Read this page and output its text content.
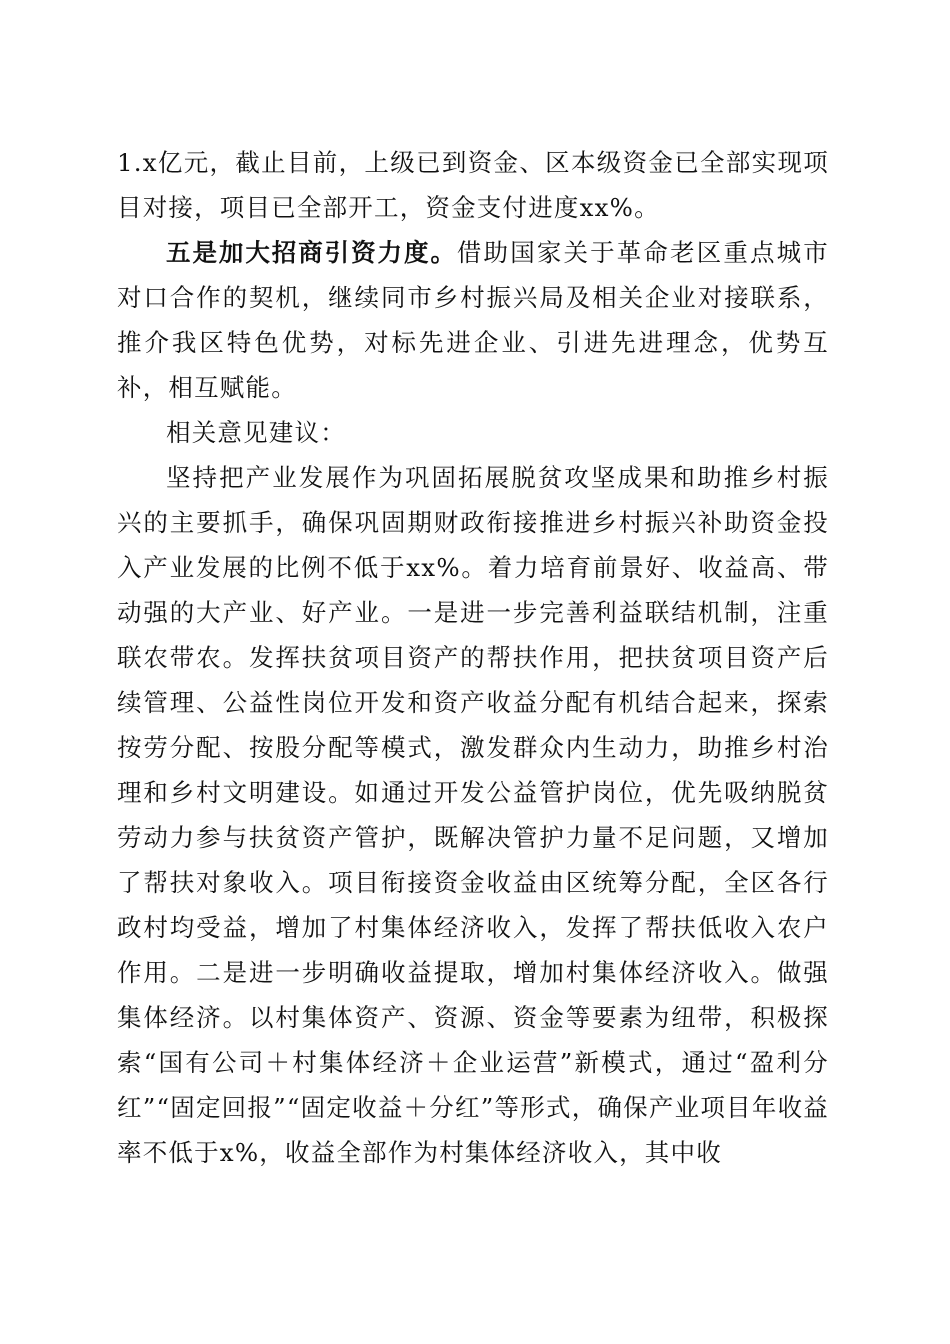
1.x亿元，截止目前，上级已到资金、区本级资金已全部实现项目对接，项目已全部开工，资金支付进度xx%。

五是加大招商引资力度。借助国家关于革命老区重点城市对口合作的契机，继续同市乡村振兴局及相关企业对接联系，推介我区特色优势，对标先进企业、引进先进理念，优势互补，相互赋能。

相关意见建议：

坚持把产业发展作为巩固拓展脱贫攻坚成果和助推乡村振兴的主要抓手，确保巩固期财政衔接推进乡村振兴补助资金投入产业发展的比例不低于xx%。着力培育前景好、收益高、带动强的大产业、好产业。一是进一步完善利益联结机制，注重联农带农。发挥扶贫项目资产的帮扶作用，把扶贫项目资产后续管理、公益性岗位开发和资产收益分配有机结合起来，探索按劳分配、按股分配等模式，激发群众内生动力，助推乡村治理和乡村文明建设。如通过开发公益管护岗位，优先吸纳脱贫劳动力参与扶贫资产管护，既解决管护力量不足问题，又增加了帮扶对象收入。项目衔接资金收益由区统筹分配，全区各行政村均受益，增加了村集体经济收入，发挥了帮扶低收入农户作用。二是进一步明确收益提取，增加村集体经济收入。做强集体经济。以村集体资产、资源、资金等要素为纽带，积极探索“国有公司＋村集体经济＋企业运营”新模式，通过“盈利分红”“固定回报”“固定收益＋分红”等形式，确保产业项目年收益率不低于x%，收益全部作为村集体经济收入，其中收
